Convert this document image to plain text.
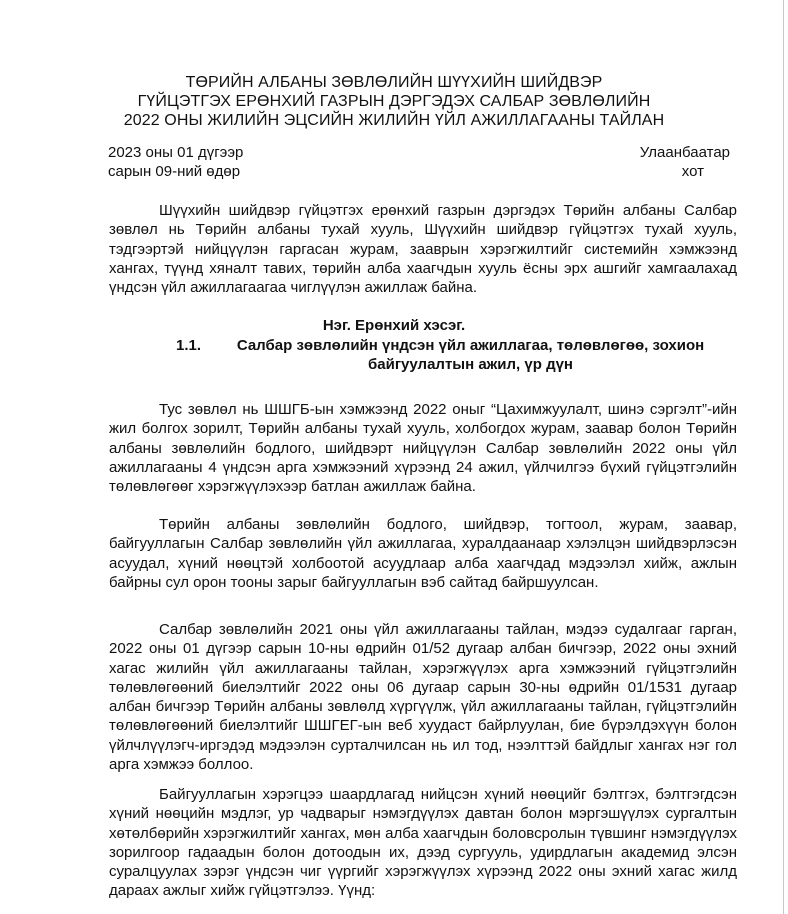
ТӨРИЙН АЛБАНЫ ЗӨВЛӨЛИЙН ШҮҮХИЙН ШИЙДВЭР
ГҮЙЦЭТГЭХ ЕРӨНХИЙ ГАЗРЫН ДЭРГЭДЭХ САЛБАР ЗӨВЛӨЛИЙН
2022 ОНЫ ЖИЛИЙН ЭЦСИЙН ЖИЛИЙН ҮЙЛ АЖИЛЛАГААНЫ ТАЙЛАН
2023 оны 01 дүгээр
сарын 09-ний өдөр
Улаанбаатар
хот
Шүүхийн шийдвэр гүйцэтгэх ерөнхий газрын дэргэдэх Төрийн албаны Салбар зөвлөл нь Төрийн албаны тухай хууль, Шүүхийн шийдвэр гүйцэтгэх тухай хууль, тэдгээртэй нийцүүлэн гаргасан журам, зааврын хэрэгжилтийг системийн хэмжээнд хангах, түүнд хяналт тавих, төрийн алба хаагчдын хууль ёсны эрх ашгийг хамгаалахад үндсэн үйл ажиллагаагаа чиглүүлэн ажиллаж байна.
Нэг. Ерөнхий хэсэг.
1.1.	Салбар зөвлөлийн үндсэн үйл ажиллагаа, төлөвлөгөө, зохион байгуулалтын ажил, үр дүн
Тус зөвлөл нь ШШГБ-ын хэмжээнд 2022 оныг “Цахимжуулалт, шинэ сэргэлт”-ийн жил болгох зорилт, Төрийн албаны тухай хууль, холбогдох журам, заавар болон Төрийн албаны зөвлөлийн бодлого, шийдвэрт нийцүүлэн Салбар зөвлөлийн 2022 оны үйл ажиллагааны 4 үндсэн арга хэмжээний хүрээнд 24 ажил, үйлчилгээ бүхий гүйцэтгэлийн төлөвлөгөөг хэрэгжүүлэхээр батлан ажиллаж байна.
Төрийн албаны зөвлөлийн бодлого, шийдвэр, тогтоол, журам, заавар, байгууллагын Салбар зөвлөлийн үйл ажиллагаа, хуралдаанаар хэлэлцэн шийдвэрлэсэн асуудал, хүний нөөцтэй холбоотой асуудлаар алба хаагчдад мэдээлэл хийж, ажлын байрны сул орон тооны зарыг байгууллагын вэб сайтад байршуулсан.
Салбар зөвлөлийн 2021 оны үйл ажиллагааны тайлан, мэдээ судалгааг гарган, 2022 оны 01 дүгээр сарын 10-ны өдрийн 01/52 дугаар албан бичгээр, 2022 оны эхний хагас жилийн үйл ажиллагааны тайлан, хэрэгжүүлэх арга хэмжээний гүйцэтгэлийн төлөвлөгөөний биелэлтийг 2022 оны 06 дугаар сарын 30-ны өдрийн 01/1531 дугаар албан бичгээр Төрийн албаны зөвлөлд хүргүүлж, үйл ажиллагааны тайлан, гүйцэтгэлийн төлөвлөгөөний биелэлтийг ШШГЕГ-ын веб хуудаст байрлуулан, бие бүрэлдэхүүн болон үйлчлүүлэгч-иргэдэд мэдээлэн сурталчилсан нь ил тод, нээлттэй байдлыг хангах нэг гол арга хэмжээ боллоо.
Байгууллагын хэрэгцээ шаардлагад нийцсэн хүний нөөцийг бэлтгэх, бэлтгэгдсэн хүний нөөцийн мэдлэг, ур чадварыг нэмэгдүүлэх давтан болон мэргэшүүлэх сургалтын хөтөлбөрийн хэрэгжилтийг хангах, мөн алба хаагчдын боловсролын түвшинг нэмэгдүүлэх зорилгоор гадаадын болон дотоодын их, дээд сургууль, удирдлагын академид элсэн суралцуулах зэрэг үндсэн чиг үүргийг хэрэгжүүлэх хүрээнд 2022 оны эхний хагас жилд дараах ажлыг хийж гүйцэтгэлээ. Үүнд:
